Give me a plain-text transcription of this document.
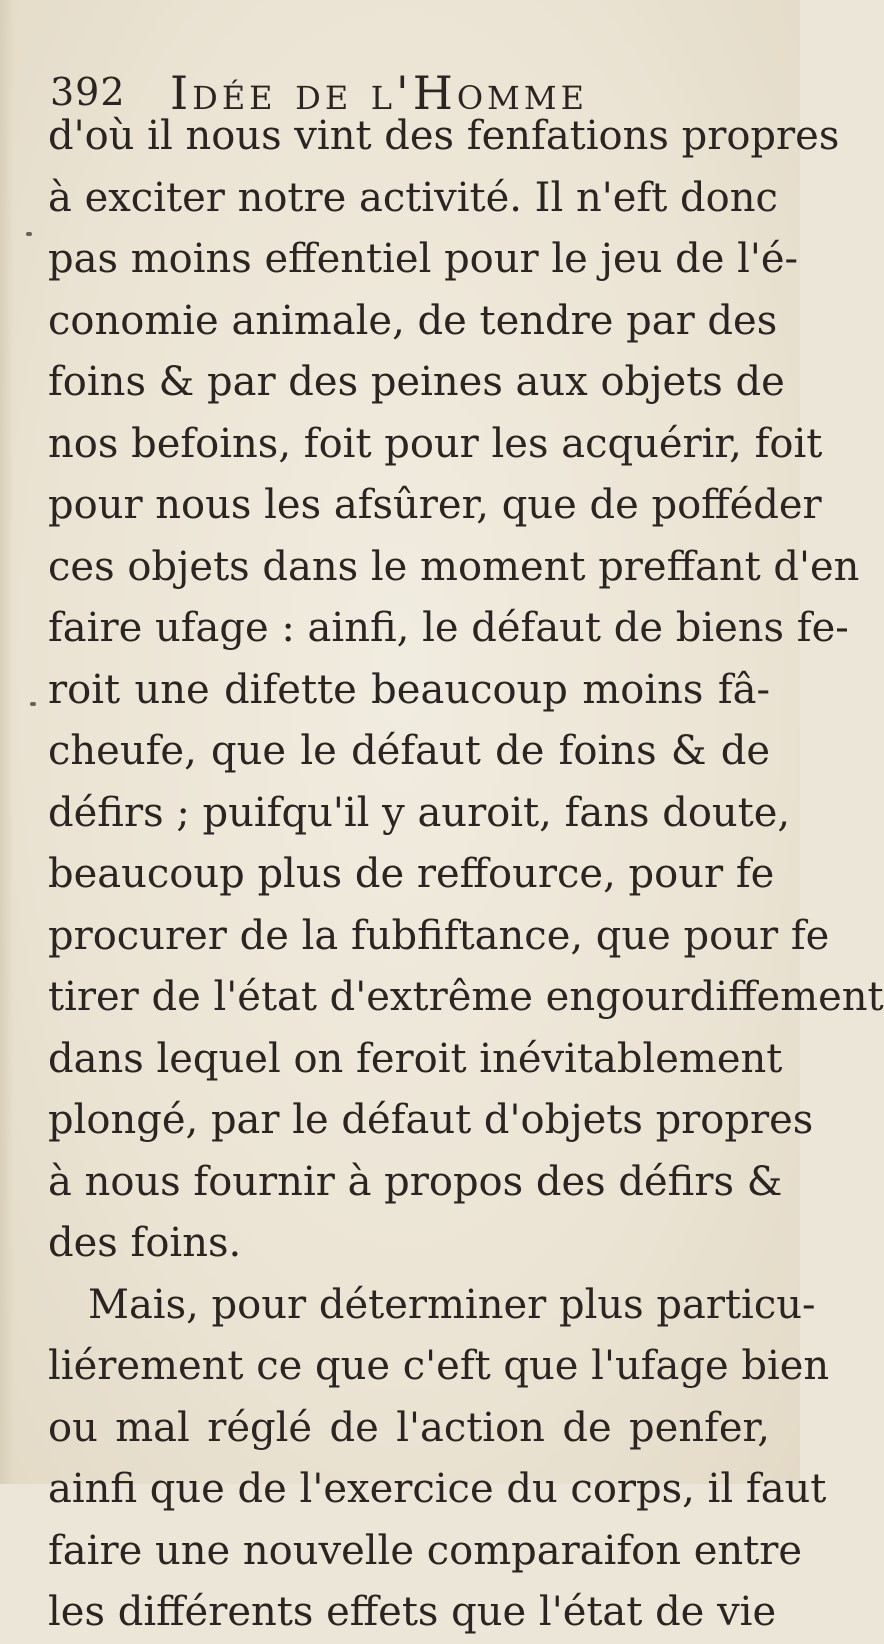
392 Idée de l'Homme
d'où il nous vint des fenfations propres
à exciter notre activité. Il n'eft donc
pas moins effentiel pour le jeu de l'é-
conomie animale, de tendre par des
foins & par des peines aux objets de
nos befoins, foit pour les acquérir, foit
pour nous les afsûrer, que de pofféder
ces objets dans le moment preffant d'en
faire ufage : ainfi, le défaut de biens fe-
roit une difette beaucoup moins fâ-
cheufe, que le défaut de foins & de
défirs ; puifqu'il y auroit, fans doute,
beaucoup plus de reffource, pour fe
procurer de la fubfiftance, que pour fe
tirer de l'état d'extrême engourdiffement
dans lequel on feroit inévitablement
plongé, par le défaut d'objets propres
à nous fournir à propos des défirs &
des foins.
Mais, pour déterminer plus particu-
liérement ce que c'eft que l'ufage bien
ou mal réglé de l'action de penfer,
ainfi que de l'exercice du corps, il faut
faire une nouvelle comparaifon entre
les différents effets que l'état de vie
